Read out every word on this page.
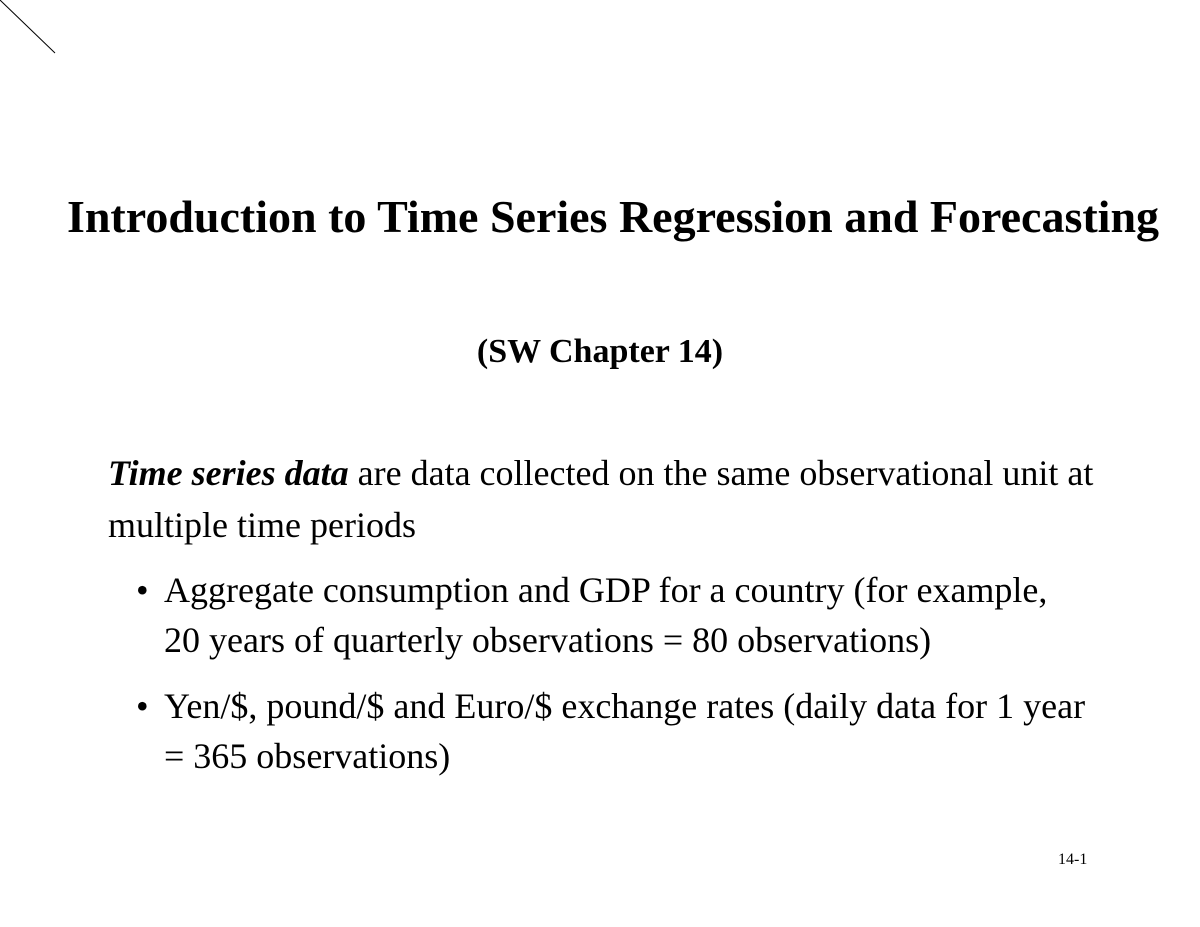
Introduction to Time Series Regression and Forecasting
(SW Chapter 14)

Time series data are data collected on the same observational unit at multiple time periods

• Aggregate consumption and GDP for a country (for example, 20 years of quarterly observations = 80 observations)
• Yen/$, pound/$ and Euro/$ exchange rates (daily data for 1 year = 365 observations)
14-1
